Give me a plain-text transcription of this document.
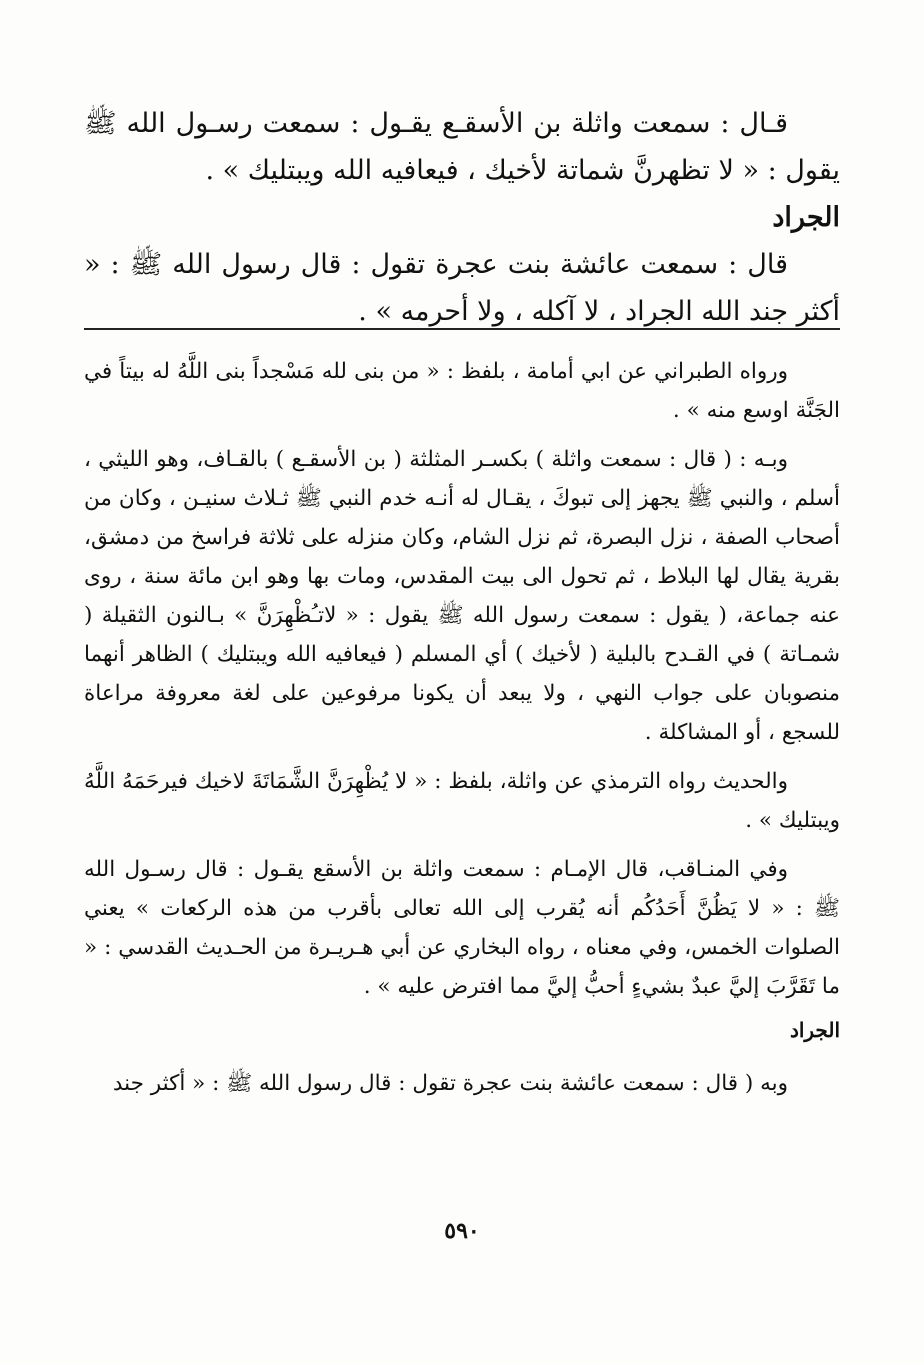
قـال : سمعت واثلة بن الأسقـع يقـول : سمعت رسـول الله ﷺ يقول : « لا تظهرنَّ شماتة لأخيك ، فيعافيه الله ويبتليك » .

الجراد

قال : سمعت عائشة بنت عجرة تقول : قال رسول الله ﷺ : « أكثر جند الله الجراد ، لا آكله ، ولا أحرمه » .

ورواه الطبراني عن ابي أمامة ، بلفظ : « من بنى لله مَسْجداً بنى اللَّهُ له بيتاً في الجَنَّة اوسع منه » .

وبـه : ( قال : سمعت واثلة ) بكسـر المثلثة ( بن الأسقـع ) بالقـاف، وهو الليثي ، أسلم ، والنبي ﷺ يجهز إلى تبوكَ ، يقـال له أنـه خدم النبي ﷺ ثـلاث سنيـن ، وكان من أصحاب الصفة ، نزل البصرة، ثم نزل الشام، وكان منزله على ثلاثة فراسخ من دمشق، بقرية يقال لها البلاط ، ثم تحول الى بيت المقدس، ومات بها وهو ابن مائة سنة ، روى عنه جماعة، ( يقول : سمعت رسول الله ﷺ يقول : « لاتـُظْهِرَنَّ » بـالنون الثقيلة ( شمـاتة ) في القـدح بالبلية ( لأخيك ) أي المسلم ( فيعافيه الله ويبتليك ) الظاهر أنهما منصوبان على جواب النهي ، ولا يبعد أن يكونا مرفوعين على لغة معروفة مراعاة للسجع ، أو المشاكلة .

والحديث رواه الترمذي عن واثلة، بلفظ : « لا يُظْهِرَنَّ الشَّمَاتَةَ لاخيك فيرحَمَهُ اللَّهُ ويبتليك » .

وفي المنـاقب، قال الإمـام : سمعت واثلة بن الأسقع يقـول : قال رسـول الله ﷺ : « لا يَظُنَّ أَحَدُكُم أنه يُقرب إلى الله تعالى بأقرب من هذه الركعات » يعني الصلوات الخمس، وفي معناه ، رواه البخاري عن أبي هـريـرة من الحـديث القدسي : « ما تَقَرَّبَ إليَّ عبدٌ بشيءٍ أحبُّ إليَّ مما افترض عليه » .

الجراد

وبه ( قال : سمعت عائشة بنت عجرة تقول : قال رسول الله ﷺ : « أكثر جند

٥٩٠
